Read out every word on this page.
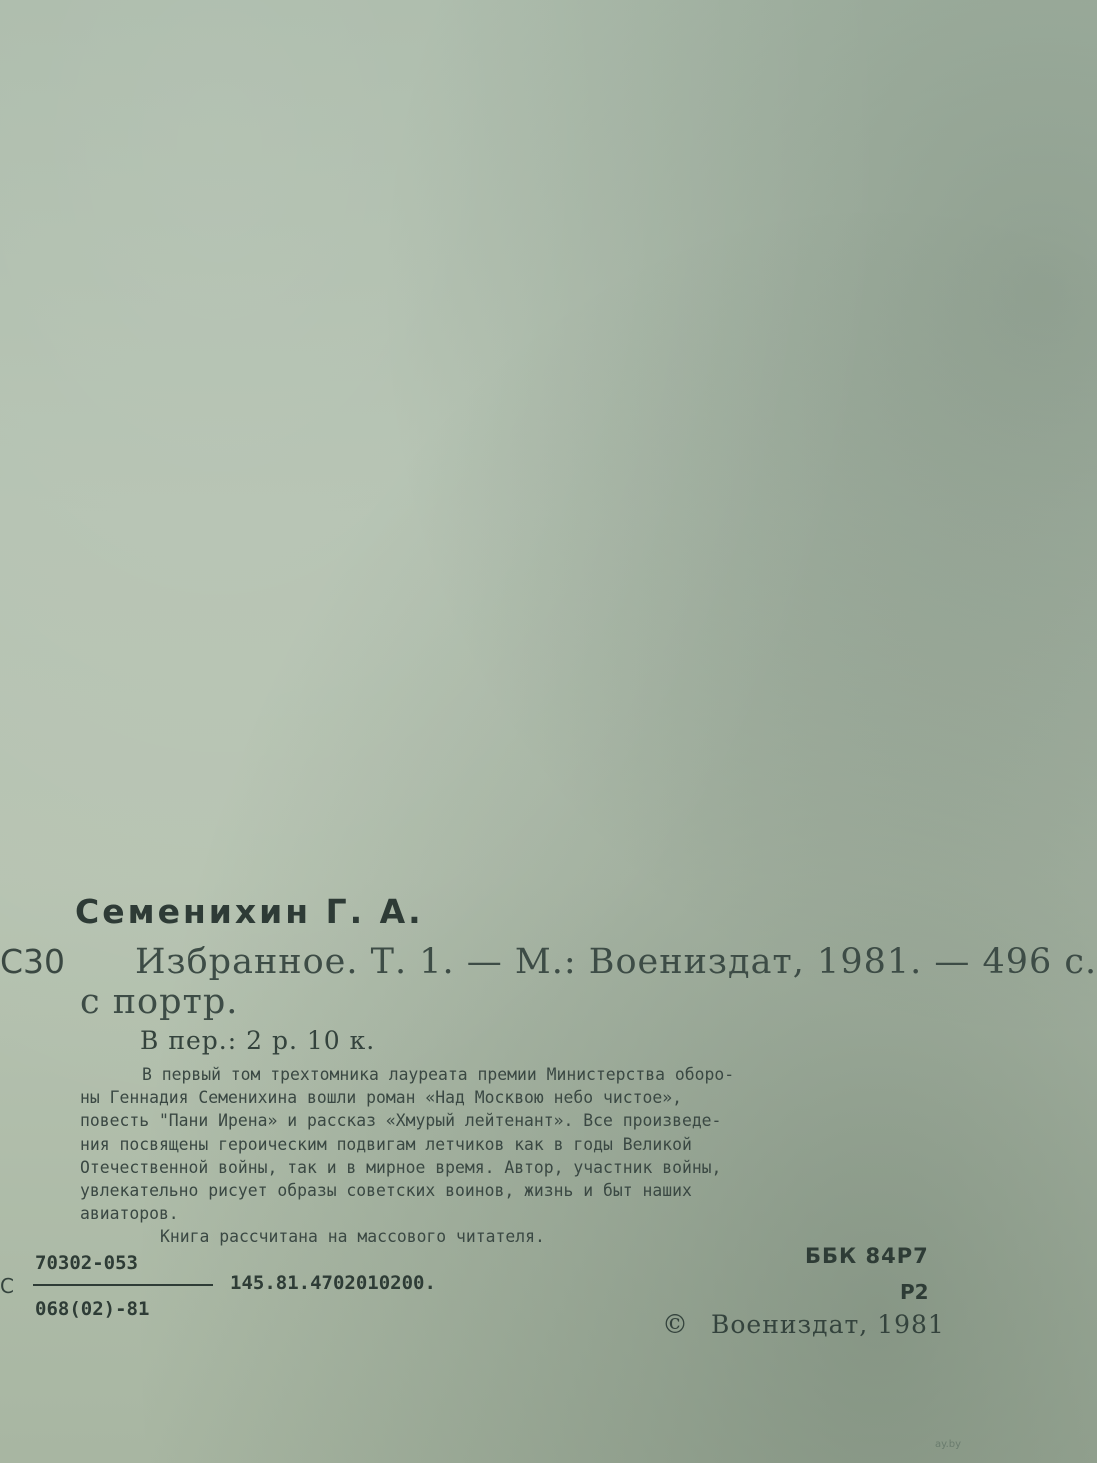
Семенихин Г. А.
С30 Избранное. Т. 1. — М.: Воениздат, 1981. — 496 с.
с портр.
В пер.: 2 р. 10 к.

В первый том трехтомника лауреата премии Министерства оборо-

ны Геннадия Семенихина вошли роман «Над Москвою небо чистое»,

повесть "Пани Ирена» и рассказ «Хмурый лейтенант». Все произведе-

ния посвящены героическим подвигам летчиков как в годы Великой

Отечественной войны, так и в мирное время. Автор, участник войны,

увлекательно рисует образы советских воинов, жизнь и быт наших

авиаторов.

Книга рассчитана на массового читателя.

С
70302-053
145.81.4702010200.
068(02)-81
ББК 84Р7
Р2
© Воениздат, 1981
ay.by
